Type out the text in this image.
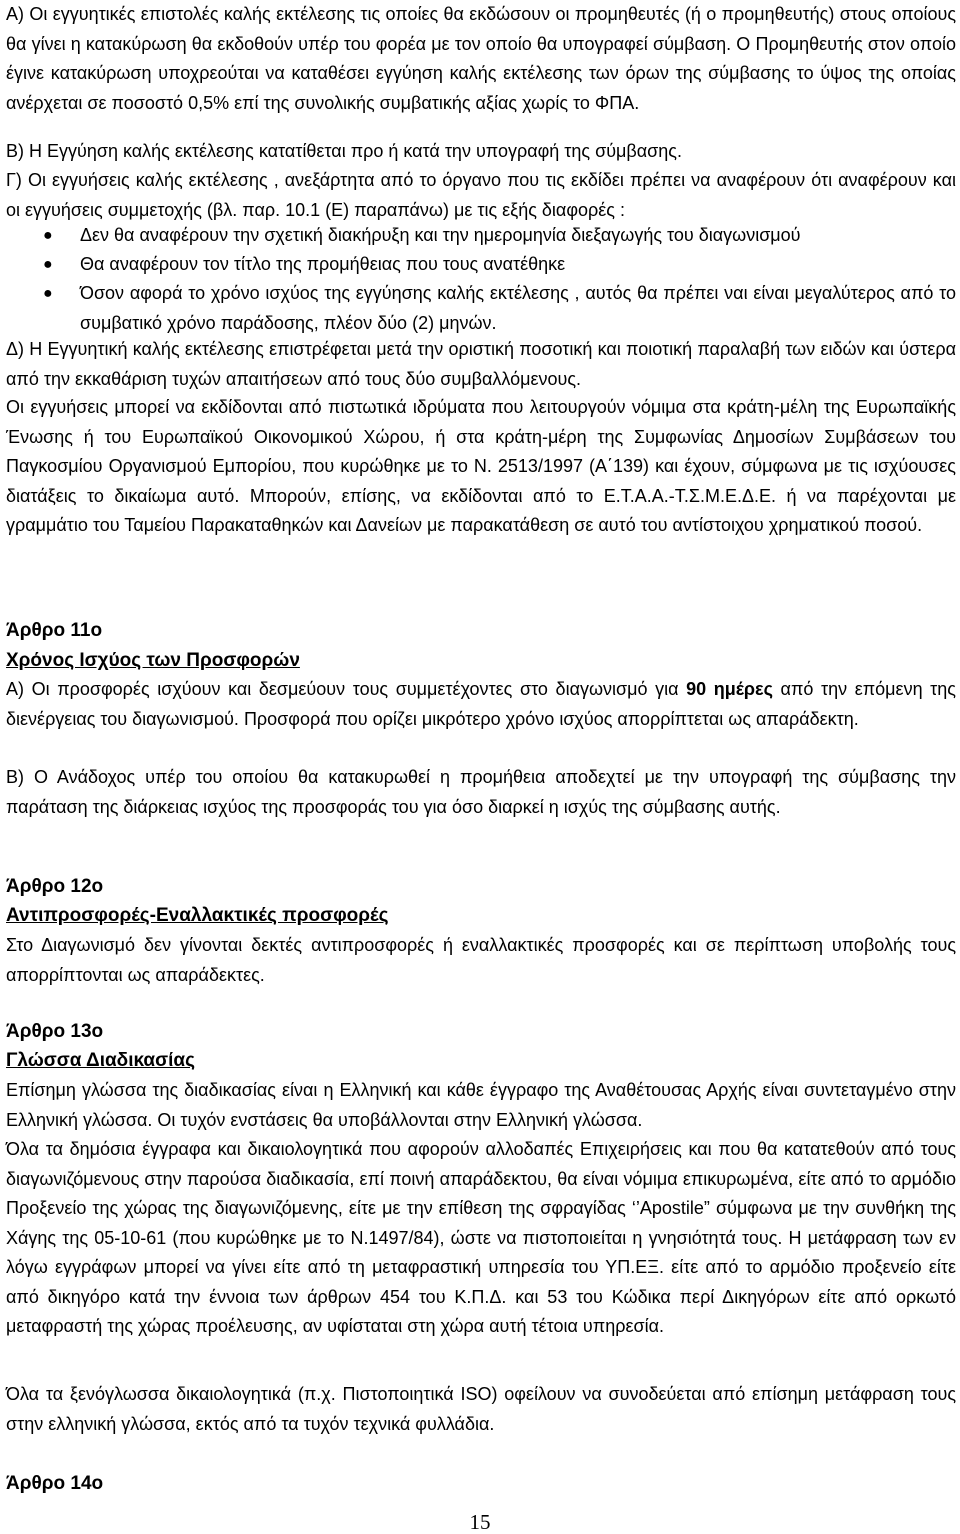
Α) Οι εγγυητικές επιστολές καλής εκτέλεσης τις οποίες θα εκδώσουν οι προμηθευτές (ή ο προμηθευτής) στους οποίους θα γίνει η κατακύρωση θα εκδοθούν υπέρ του φορέα με τον οποίο θα υπογραφεί σύμβαση. Ο Προμηθευτής στον οποίο έγινε κατακύρωση υποχρεούται να καταθέσει εγγύηση καλής εκτέλεσης των όρων της σύμβασης το ύψος της οποίας ανέρχεται σε ποσοστό 0,5% επί της συνολικής συμβατικής αξίας χωρίς το ΦΠΑ.

Β) Η Εγγύηση καλής εκτέλεσης κατατίθεται προ ή κατά την υπογραφή της σύμβασης.

Γ) Οι εγγυήσεις καλής εκτέλεσης , ανεξάρτητα από το όργανο που τις εκδίδει πρέπει να αναφέρουν ότι αναφέρουν και οι εγγυήσεις συμμετοχής (βλ. παρ. 10.1 (Ε) παραπάνω) με τις εξής διαφορές :

● Δεν θα αναφέρουν την σχετική διακήρυξη και την ημερομηνία διεξαγωγής του διαγωνισμού
● Θα αναφέρουν τον τίτλο της προμήθειας που τους ανατέθηκε
● Όσον αφορά το χρόνο ισχύος της εγγύησης καλής εκτέλεσης , αυτός θα πρέπει ναι είναι μεγαλύτερος από το συμβατικό χρόνο παράδοσης, πλέον δύο (2) μηνών.

Δ) Η Εγγυητική καλής εκτέλεσης επιστρέφεται μετά την οριστική ποσοτική και ποιοτική παραλαβή των ειδών και ύστερα από την εκκαθάριση τυχών απαιτήσεων από τους δύο συμβαλλόμενους.

Οι εγγυήσεις μπορεί να εκδίδονται από πιστωτικά ιδρύματα που λειτουργούν νόμιμα στα κράτη-μέλη της Ευρωπαϊκής Ένωσης ή του Ευρωπαϊκού Οικονομικού Χώρου, ή στα κράτη-μέρη της Συμφωνίας Δημοσίων Συμβάσεων του Παγκοσμίου Οργανισμού Εμπορίου, που κυρώθηκε με το Ν. 2513/1997 (Α΄139) και έχουν, σύμφωνα με τις ισχύουσες διατάξεις το δικαίωμα αυτό. Μπορούν, επίσης, να εκδίδονται από το Ε.Τ.Α.Α.-Τ.Σ.Μ.Ε.Δ.Ε. ή να παρέχονται με γραμμάτιο του Ταμείου Παρακαταθηκών και Δανείων με παρακατάθεση σε αυτό του αντίστοιχου χρηματικού ποσού.

Άρθρο 11ο
Χρόνος Ισχύος των Προσφορών

Α) Οι προσφορές ισχύουν και δεσμεύουν τους συμμετέχοντες στο διαγωνισμό για 90 ημέρες από την επόμενη της διενέργειας του διαγωνισμού. Προσφορά που ορίζει μικρότερο χρόνο ισχύος απορρίπτεται ως απαράδεκτη.

Β) Ο Ανάδοχος υπέρ του οποίου θα κατακυρωθεί η προμήθεια αποδεχτεί με την υπογραφή της σύμβασης την παράταση της διάρκειας ισχύος της προσφοράς του για όσο διαρκεί η ισχύς της σύμβασης αυτής.

Άρθρο 12ο
Αντιπροσφορές-Εναλλακτικές προσφορές

Στο Διαγωνισμό δεν γίνονται δεκτές αντιπροσφορές ή εναλλακτικές προσφορές και σε περίπτωση υποβολής τους απορρίπτονται ως απαράδεκτες.

Άρθρο 13ο
Γλώσσα Διαδικασίας

Επίσημη γλώσσα της διαδικασίας είναι η Ελληνική και κάθε έγγραφο της Αναθέτουσας Αρχής είναι συντεταγμένο στην Ελληνική γλώσσα. Οι τυχόν ενστάσεις θα υποβάλλονται στην Ελληνική γλώσσα.

Όλα τα δημόσια έγγραφα και δικαιολογητικά που αφορούν αλλοδαπές Επιχειρήσεις και που θα κατατεθούν από τους διαγωνιζόμενους στην παρούσα διαδικασία, επί ποινή απαράδεκτου, θα είναι νόμιμα επικυρωμένα, είτε από το αρμόδιο Προξενείο της χώρας της διαγωνιζόμενης, είτε με την επίθεση της σφραγίδας ‘’Apostile” σύμφωνα με την συνθήκη της Χάγης της 05-10-61 (που κυρώθηκε με το Ν.1497/84), ώστε να πιστοποιείται η γνησιότητά τους. Η μετάφραση των εν λόγω εγγράφων μπορεί να γίνει είτε από τη μεταφραστική υπηρεσία του ΥΠ.ΕΞ. είτε από το αρμόδιο προξενείο είτε από δικηγόρο κατά την έννοια των άρθρων 454 του Κ.Π.Δ. και 53 του Κώδικα περί Δικηγόρων είτε από ορκωτό μεταφραστή της χώρας προέλευσης, αν υφίσταται στη χώρα αυτή τέτοια υπηρεσία.

Όλα τα ξενόγλωσσα δικαιολογητικά (π.χ. Πιστοποιητικά ISO) οφείλουν να συνοδεύεται από επίσημη μετάφραση τους στην ελληνική γλώσσα, εκτός από τα τυχόν τεχνικά φυλλάδια.

Άρθρο 14ο
15
